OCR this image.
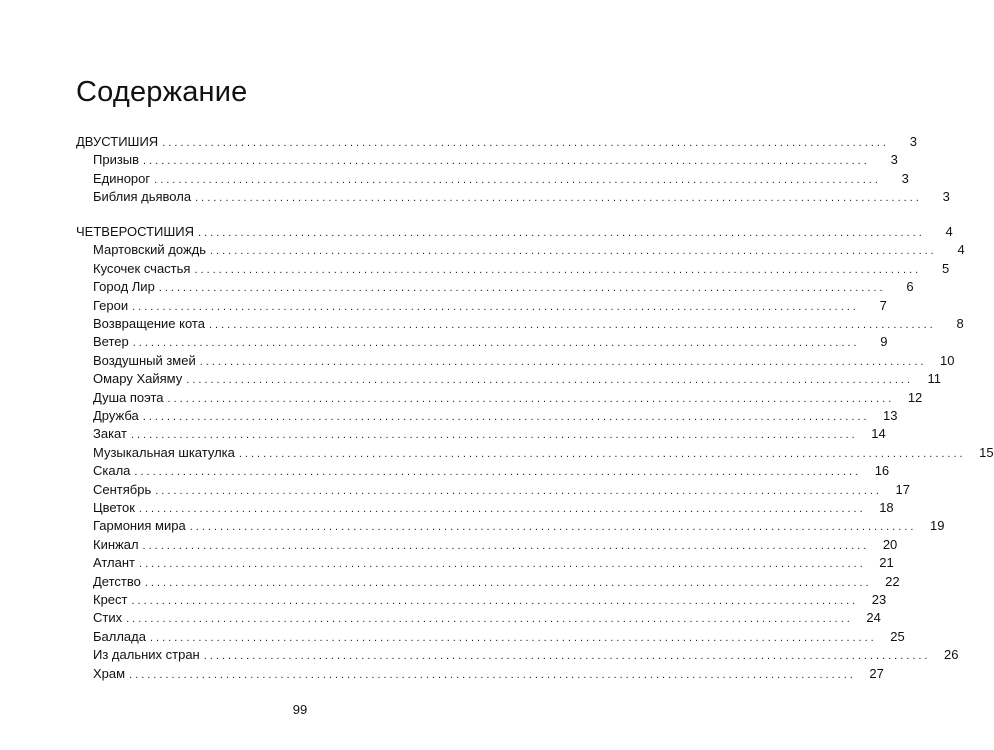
Содержание
ДВУСТИШИЯ ........................................................................................................................	3
Призыв ........................................................................................................................	3
Единорог ........................................................................................................................	3
Библия дьявола ........................................................................................................................	3
ЧЕТВЕРОСТИШИЯ ........................................................................................................................	4
Мартовский дождь ........................................................................................................................	4
Кусочек счастья ........................................................................................................................	5
Город Лир ........................................................................................................................	6
Герои ........................................................................................................................	7
Возвращение кота ........................................................................................................................	8
Ветер ........................................................................................................................	9
Воздушный змей ........................................................................................................................	10
Омару Хайяму ........................................................................................................................	11
Душа поэта ........................................................................................................................	12
Дружба ........................................................................................................................	13
Закат ........................................................................................................................	14
Музыкальная шкатулка ........................................................................................................................	15
Скала ........................................................................................................................	16
Сентябрь ........................................................................................................................	17
Цветок ........................................................................................................................	18
Гармония мира ........................................................................................................................	19
Кинжал ........................................................................................................................	20
Атлант ........................................................................................................................	21
Детство ........................................................................................................................	22
Крест ........................................................................................................................	23
Стих ........................................................................................................................	24
Баллада ........................................................................................................................	25
Из дальних стран ........................................................................................................................	26
Храм ........................................................................................................................	27
99
